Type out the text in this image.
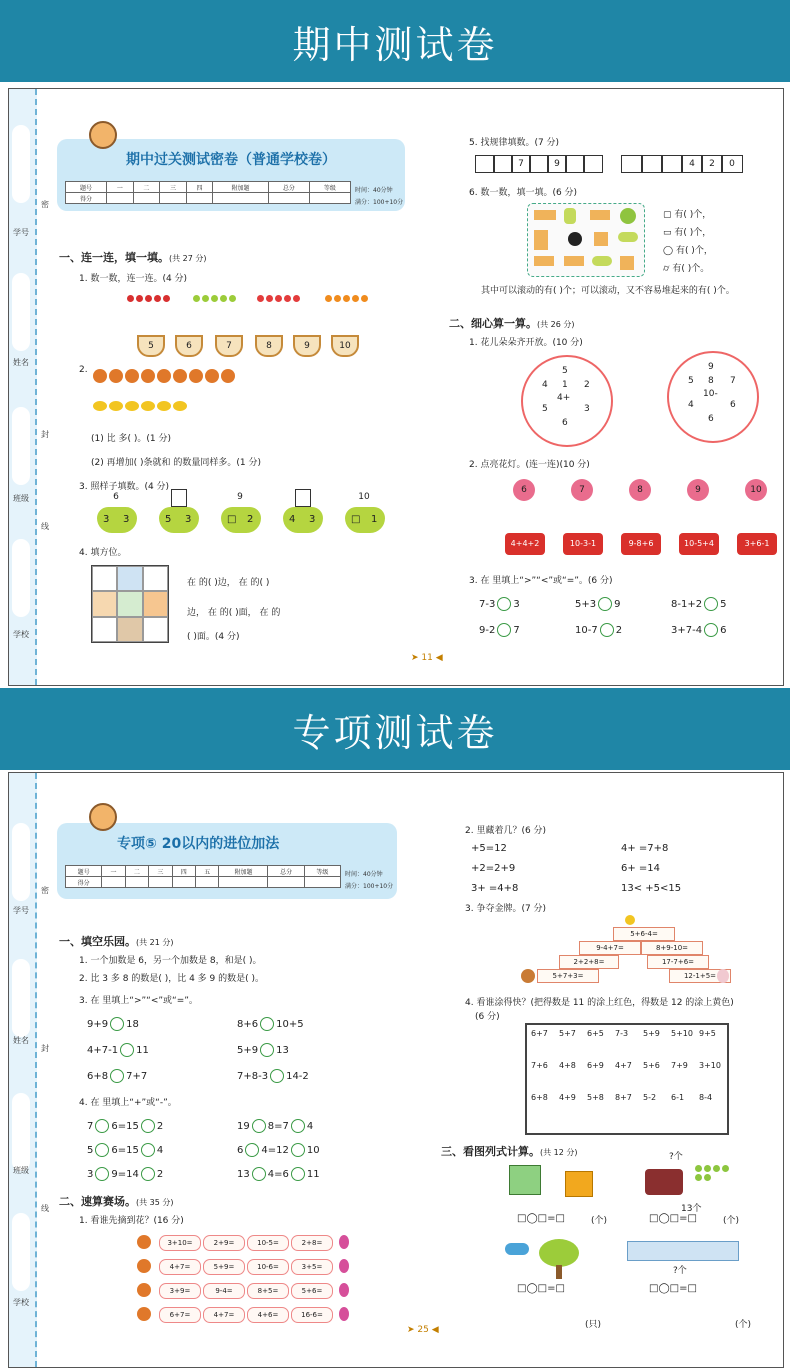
期中测试卷
学号
姓名
班级
学校
密
封
线
期中过关测试密卷（普通学校卷）
题号	一	二	三	四	附加题	总分	等级
得分							
时间：40分钟
满分：100+10分
一、连一连，填一填。(共 27 分)
1. 数一数，连一连。(4 分)
5	6	7	8	9	10
2.
(1) 比 多( )。(1 分)
(2) 再增加( )条就和 的数量同样多。(1 分)
3. 照样子填数。(4 分)
4. 填方位。
在 的( )边， 在 的( )
边， 在 的( )面， 在 的
( )面。(4 分)
5. 找规律填数。(7 分)
6. 数一数，填一填。(6 分)
▢ 有( )个，
▭ 有( )个，
◯ 有( )个，
⌭ 有( )个。
其中可以滚动的有( )个；可以滚动，又不容易堆起来的有( )个。
二、细心算一算。(共 26 分)
1. 花儿朵朵齐开放。(10 分)
2. 点亮花灯。(连一连)(10 分)
3. 在 里填上“>”“<”或“=”。(6 分)
➤ 11 ◀
6
3 3	5 3
9
□ 2	4 3
10
□ 1
7	9	4	2	0
4+
5
1 2
3
4
5
6
10-
9
8 7
6
5
4
6
6	7	8	9	10
4+4+2	10-3-1	9-8+6	10-5+4	3+6-1
7-3 3	5+3 9	8-1+2 5
9-2 7	10-7 2	3+7-4 6
专项测试卷
学号
姓名
班级
学校
密
封
线
专项⑤ 20以内的进位加法
题号	一	二	三	四	五	附加题	总分	等级
得分								
时间：40分钟
满分：100+10分
一、填空乐园。(共 21 分)
1. 一个加数是 6，另一个加数是 8，和是( )。
2. 比 3 多 8 的数是( )，比 4 多 9 的数是( )。
3. 在 里填上“>”“<”或“=”。
4. 在 里填上“+”或“-”。
二、速算赛场。(共 35 分)
1. 看谁先摘到花？(16 分)
2. 里藏着几？(6 分)
3. 争夺金牌。(7 分)
4. 看谁涂得快？(把得数是 11 的涂上红色，得数是 12 的涂上黄色)
(6 分)
三、看图列式计算。(共 12 分)	?个
13个
?个
(只)	(个)
➤ 25 ◀
9+9 18	8+6 10+5
4+7-1 11	5+9 13
6+8 7+7	7+8-3 14-2
7 6=15 2	19 8=7 4
5 6=15 4	6 4=12 10
3 9=14 2	13 4=6 11
3+10=	2+9=	10-5=	2+8=
4+7=	5+9=	10-6=	3+5=
3+9=	9-4=	8+5=	5+6=
6+7=	4+7=	4+6=	16-6=
+5=12	4+ =7+8
+2=2+9	6+ =14
3+ =4+8	13< +5<15
5+6-4=
9-4+7=	8+9-10=
2+2+8=	17-7+6=
5+7+3=	12-1+5=
6+7 5+7 6+5 7-3 5+9 5+10 9+5
7+6 4+8 6+9 4+7 5+6 7+9 3+10
6+8 4+9 5+8 8+7 5-2 6-1 8-4
□◯□=□	□◯□=□
□◯□=□	□◯□=□
(个)	(个)
